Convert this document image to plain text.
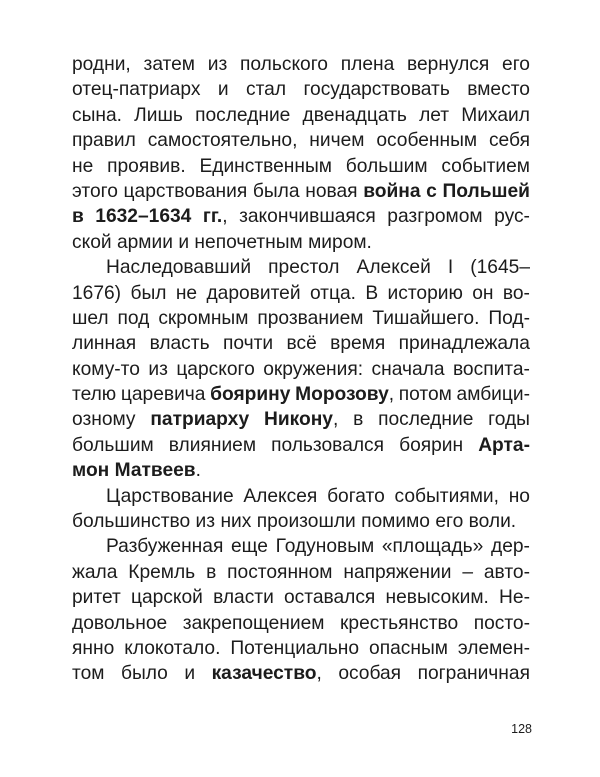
родни, затем из польского плена вернулся его
отец-патриарх и стал государствовать вместо
сына. Лишь последние двенадцать лет Михаил
правил самостоятельно, ничем особенным себя
не проявив. Единственным большим событием
этого царствования была новая война с Польшей
в 1632–1634 гг., закончившаяся разгромом рус-
ской армии и непочетным миром.
Наследовавший престол Алексей I (1645–
1676) был не даровитей отца. В историю он во-
шел под скромным прозванием Тишайшего. Под-
линная власть почти всё время принадлежала
кому-то из царского окружения: сначала воспита-
телю царевича боярину Морозову, потом амбици-
озному патриарху Никону, в последние годы
большим влиянием пользовался боярин Арта-
мон Матвеев.
Царствование Алексея богато событиями, но
большинство из них произошли помимо его воли.
Разбуженная еще Годуновым «площадь» дер-
жала Кремль в постоянном напряжении – авто-
ритет царской власти оставался невысоким. Не-
довольное закрепощением крестьянство посто-
янно клокотало. Потенциально опасным элемен-
том было и казачество, особая пограничная
128
